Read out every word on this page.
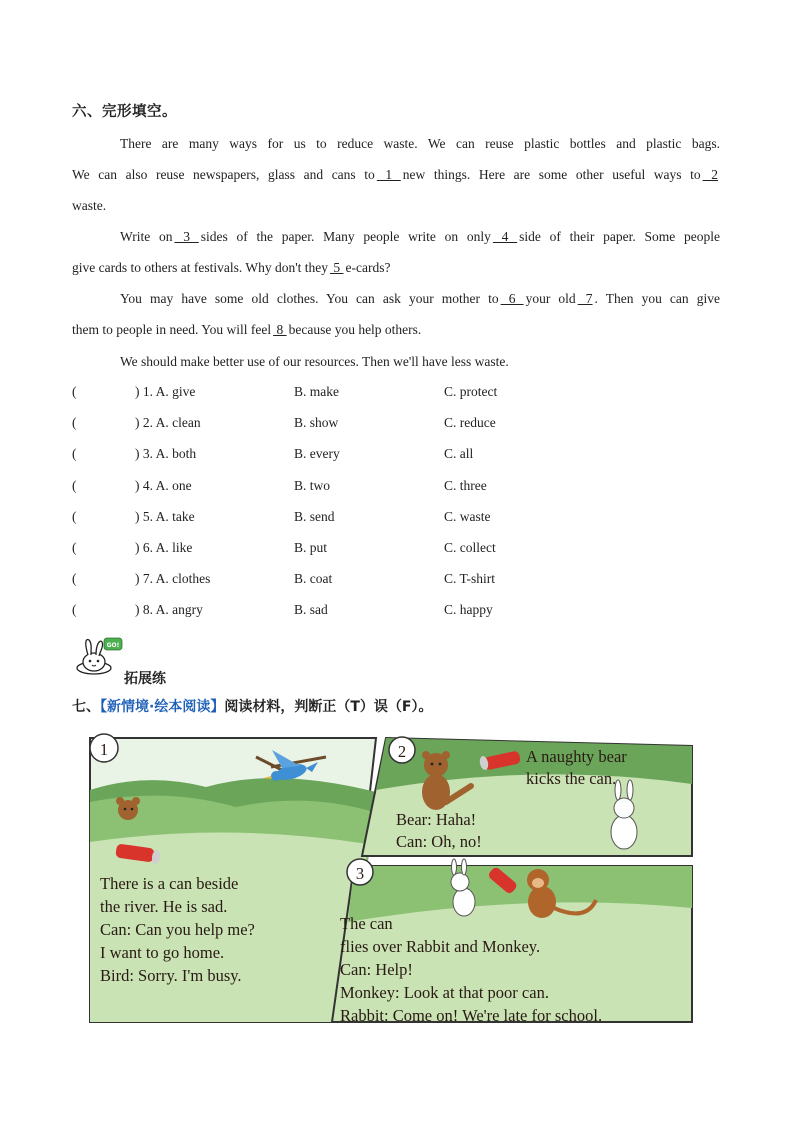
六、完形填空。
There are many ways for us to reduce waste. We can reuse plastic bottles and plastic bags.
We can also reuse newspapers, glass and cans to 1 new things. Here are some other useful ways to 2
waste.
Write on 3 sides of the paper. Many people write on only 4 side of their paper. Some people
give cards to others at festivals. Why don't they 5 e-cards?
You may have some old clothes. You can ask your mother to 6 your old 7 . Then you can give
them to people in need. You will feel 8 because you help others.
We should make better use of our resources. Then we'll have less waste.
(	) 1. A. give	B. make	C. protect
(	) 2. A. clean	B. show	C. reduce
(	) 3. A. both	B. every	C. all
(	) 4. A. one	B. two	C. three
(	) 5. A. take	B. send	C. waste
(	) 6. A. like	B. put	C. collect
(	) 7. A. clothes	B. coat	C. T-shirt
(	) 8. A. angry	B. sad	C. happy
GO!
拓展练
七、【新情境·绘本阅读】阅读材料，判断正（T）误（F）。
1
There is a can beside
the river. He is sad.
Can: Can you help me?
I want to go home.
Bird: Sorry. I'm busy.
2	A naughty bear
kicks the can.
Bear: Haha!
Can: Oh, no!
3
The can
flies over Rabbit and Monkey.
Can: Help!
Monkey: Look at that poor can.
Rabbit: Come on! We're late for school.
